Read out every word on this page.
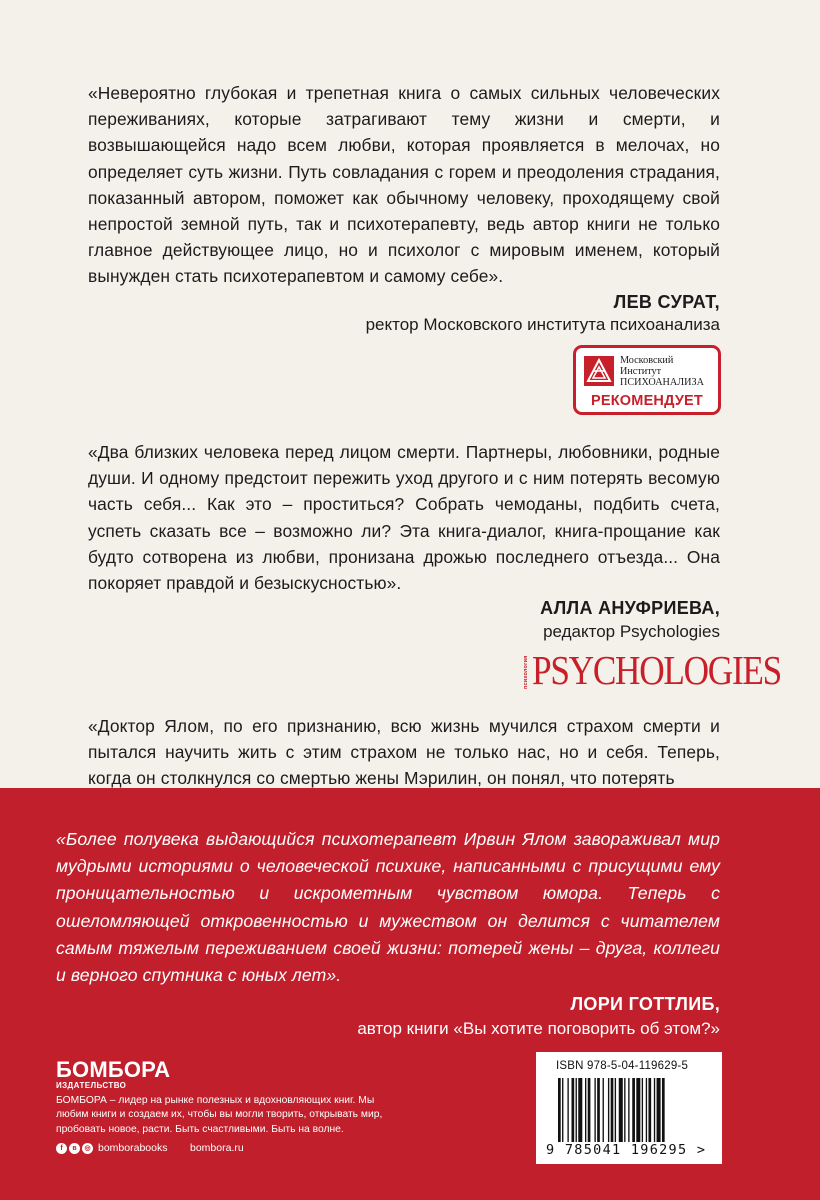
«Невероятно глубокая и трепетная книга о самых сильных человеческих переживаниях, которые затрагивают тему жизни и смерти, и возвышающейся надо всем любви, которая проявляется в мелочах, но определяет суть жизни. Путь совладания с горем и преодоления страдания, показанный автором, поможет как обычному человеку, проходящему свой непростой земной путь, так и психотерапевту, ведь автор книги не только главное действующее лицо, но и психолог с мировым именем, который вынужден стать психотерапевтом и самому себе».

ЛЕВ СУРАТ,
ректор Московского института психоанализа
Московский
Институт
ПСИХОАНАЛИЗА
РЕКОМЕНДУЕТ

«Два близких человека перед лицом смерти. Партнеры, любовники, родные души. И одному предстоит пережить уход другого и с ним потерять весомую часть себя... Как это – проститься? Собрать чемоданы, подбить счета, успеть сказать все – возможно ли? Эта книга-диалог, книга-прощание как будто сотворена из любви, пронизана дрожью последнего отъезда... Она покоряет правдой и безыскусностью».

АЛЛА АНУФРИЕВА,
редактор Psychologies
психология PSYCHOLOGIES

«Доктор Ялом, по его признанию, всю жизнь мучился страхом смерти и пытался научить жить с этим страхом не только нас, но и себя. Теперь, когда он столкнулся со смертью жены Мэрилин, он понял, что потерять

«Более полувека выдающийся психотерапевт Ирвин Ялом завораживал мир мудрыми историями о человеческой психике, написанными с присущими ему проницательностью и искрометным чувством юмора. Теперь с ошеломляющей откровенностью и мужеством он делится с читателем самым тяжелым переживанием своей жизни: потерей жены – друга, коллеги и верного спутника с юных лет».

ЛОРИ ГОТТЛИБ,
автор книги «Вы хотите поговорить об этом?»
БОМБОРА
ИЗДАТЕЛЬСТВО

БОМБОРА – лидер на рынке полезных и вдохновляющих книг. Мы любим книги и создаем их, чтобы вы могли творить, открывать мир, пробовать новое, расти. Быть счастливыми. Быть на волне.

f	в	◎ bomborabooks bombora.ru
ISBN 978-5-04-119629-5
9 785041 196295 >
